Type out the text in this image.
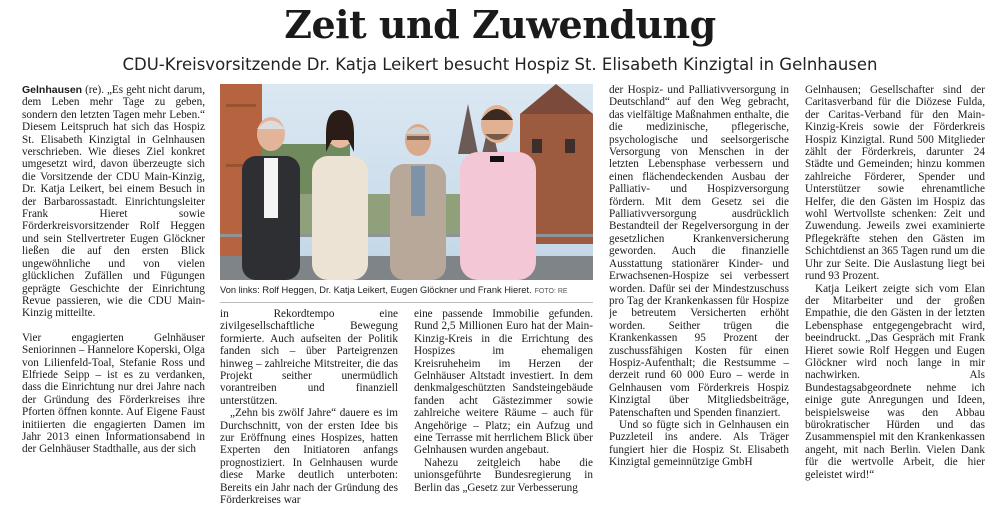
Zeit und Zuwendung
CDU-Kreisvorsitzende Dr. Katja Leikert besucht Hospiz St. Elisabeth Kinzigtal in Gelnhausen

Gelnhausen (re). „Es geht nicht darum, dem Leben mehr Tage zu geben, sondern den letzten Tagen mehr Leben.“ Diesem Leitspruch hat sich das Hospiz St. Elisabeth Kinzigtal in Gelnhausen verschrieben. Wie dieses Ziel konkret umgesetzt wird, davon überzeugte sich die Vorsitzende der CDU Main-Kinzig, Dr. Katja Leikert, bei einem Besuch in der Barbarossastadt. Einrichtungsleiter Frank Hieret sowie Förderkreisvorsitzender Rolf Heggen und sein Stellvertreter Eugen Glöckner ließen die auf den ersten Blick ungewöhnliche und von vielen glücklichen Zufällen und Fügungen geprägte Geschichte der Einrichtung Revue passieren, wie die CDU Main-Kinzig mitteilte.

Vier engagierten Gelnhäuser Seniorinnen – Hannelore Koperski, Olga von Lilienfeld-Toal, Stefanie Ross und Elfriede Seipp – ist es zu verdanken, dass die Einrichtung nur drei Jahre nach der Gründung des Förderkreises ihre Pforten öffnen konnte. Auf Eigene Faust initiierten die engagierten Damen im Jahr 2013 einen Informationsabend in der Gelnhäuser Stadthalle, aus der sich

Von links: Rolf Heggen, Dr. Katja Leikert, Eugen Glöckner und Frank Hieret. FOTO: RE

in Rekordtempo eine zivilgesellschaftliche Bewegung formierte. Auch aufseiten der Politik fanden sich – über Parteigrenzen hinweg – zahlreiche Mitstreiter, die das Projekt seither unermüdlich vorantreiben und finanziell unterstützen.

„Zehn bis zwölf Jahre“ dauere es im Durchschnitt, von der ersten Idee bis zur Eröffnung eines Hospizes, hatten Experten den Initiatoren anfangs prognostiziert. In Gelnhausen wurde diese Marke deutlich unterboten: Bereits ein Jahr nach der Gründung des Förderkreises war

eine passende Immobilie gefunden. Rund 2,5 Millionen Euro hat der Main-Kinzig-Kreis in die Errichtung des Hospizes im ehemaligen Kreisruheheim im Herzen der Gelnhäuser Altstadt investiert. In dem denkmalgeschützten Sandsteingebäude fanden acht Gästezimmer sowie zahlreiche weitere Räume – auch für Angehörige – Platz; ein Aufzug und eine Terrasse mit herrlichem Blick über Gelnhausen wurden angebaut.

Nahezu zeitgleich habe die unionsgeführte Bundesregierung in Berlin das „Gesetz zur Verbesserung

der Hospiz- und Palliativversorgung in Deutschland“ auf den Weg gebracht, das vielfältige Maßnahmen enthalte, die die medizinische, pflegerische, psychologische und seelsorgerische Versorgung von Menschen in der letzten Lebensphase verbessern und einen flächendeckenden Ausbau der Palliativ- und Hospizversorgung fördern. Mit dem Gesetz sei die Palliativversorgung ausdrücklich Bestandteil der Regelversorgung in der gesetzlichen Krankenversicherung geworden. Auch die finanzielle Ausstattung stationärer Kinder- und Erwachsenen-Hospize sei verbessert worden. Dafür sei der Mindestzuschuss pro Tag der Krankenkassen für Hospize je betreutem Versicherten erhöht worden. Seither trügen die Krankenkassen 95 Prozent der zuschussfähigen Kosten für einen Hospiz-Aufenthalt; die Restsumme – derzeit rund 60 000 Euro – werde in Gelnhausen vom Förderkreis Hospiz Kinzigtal über Mitgliedsbeiträge, Patenschaften und Spenden finanziert.

Und so fügte sich in Gelnhausen ein Puzzleteil ins andere. Als Träger fungiert hier die Hospiz St. Elisabeth Kinzigtal gemeinnützige GmbH

Gelnhausen; Gesellschafter sind der Caritasverband für die Diözese Fulda, der Caritas-Verband für den Main-Kinzig-Kreis sowie der Förderkreis Hospiz Kinzigtal. Rund 500 Mitglieder zählt der Förderkreis, darunter 24 Städte und Gemeinden; hinzu kommen zahlreiche Förderer, Spender und Unterstützer sowie ehrenamtliche Helfer, die den Gästen im Hospiz das wohl Wertvollste schenken: Zeit und Zuwendung. Jeweils zwei examinierte Pflegekräfte stehen den Gästen im Schichtdienst an 365 Tagen rund um die Uhr zur Seite. Die Auslastung liegt bei rund 93 Prozent.

Katja Leikert zeigte sich vom Elan der Mitarbeiter und der großen Empathie, die den Gästen in der letzten Lebensphase entgegengebracht wird, beeindruckt. „Das Gespräch mit Frank Hieret sowie Rolf Heggen und Eugen Glöckner wird noch lange in mir nachwirken. Als Bundestagsabgeordnete nehme ich einige gute Anregungen und Ideen, beispielsweise was den Abbau bürokratischer Hürden und das Zusammenspiel mit den Krankenkassen angeht, mit nach Berlin. Vielen Dank für die wertvolle Arbeit, die hier geleistet wird!“
